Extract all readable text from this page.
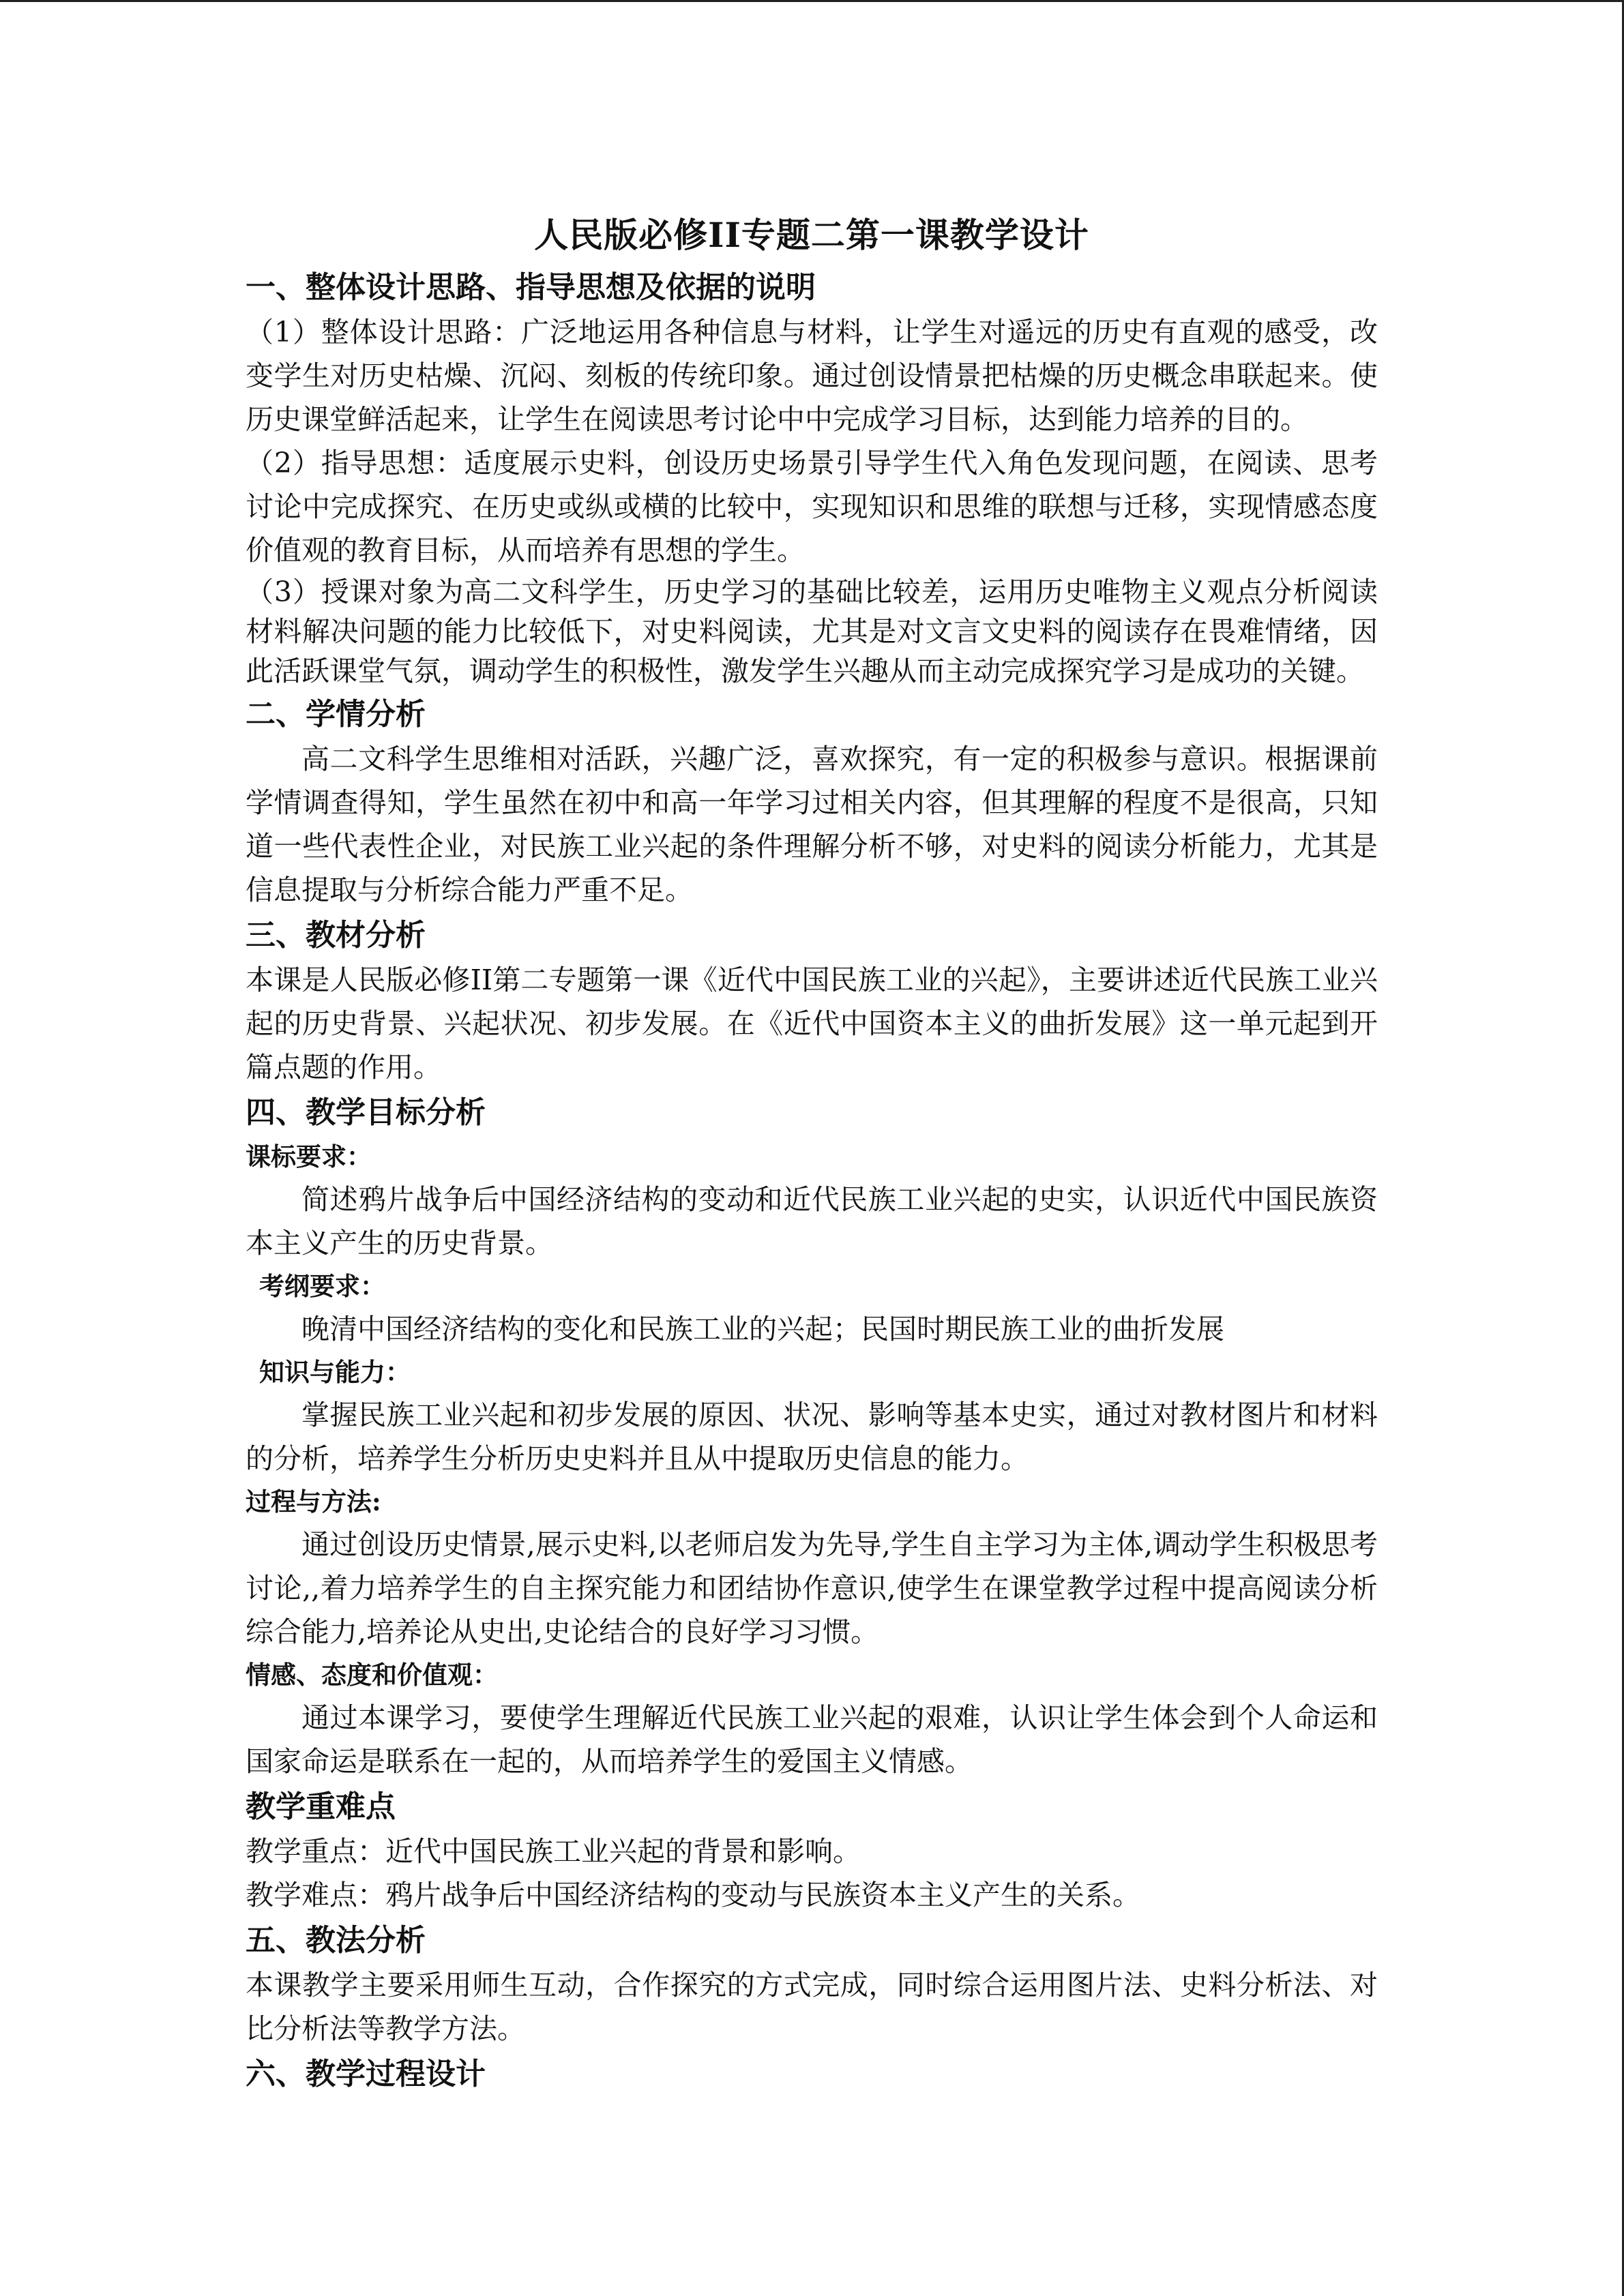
人民版必修II专题二第一课教学设计
一、整体设计思路、指导思想及依据的说明

（1）整体设计思路：广泛地运用各种信息与材料，让学生对遥远的历史有直观的感受，改变学生对历史枯燥、沉闷、刻板的传统印象。通过创设情景把枯燥的历史概念串联起来。使历史课堂鲜活起来，让学生在阅读思考讨论中中完成学习目标，达到能力培养的目的。

（2）指导思想：适度展示史料，创设历史场景引导学生代入角色发现问题，在阅读、思考讨论中完成探究、在历史或纵或横的比较中，实现知识和思维的联想与迁移，实现情感态度价值观的教育目标，从而培养有思想的学生。

（3）授课对象为高二文科学生，历史学习的基础比较差，运用历史唯物主义观点分析阅读材料解决问题的能力比较低下，对史料阅读，尤其是对文言文史料的阅读存在畏难情绪，因此活跃课堂气氛，调动学生的积极性，激发学生兴趣从而主动完成探究学习是成功的关键。

二、学情分析

高二文科学生思维相对活跃，兴趣广泛，喜欢探究，有一定的积极参与意识。根据课前学情调查得知，学生虽然在初中和高一年学习过相关内容，但其理解的程度不是很高，只知道一些代表性企业，对民族工业兴起的条件理解分析不够，对史料的阅读分析能力，尤其是信息提取与分析综合能力严重不足。

三、教材分析

本课是人民版必修II第二专题第一课《近代中国民族工业的兴起》，主要讲述近代民族工业兴起的历史背景、兴起状况、初步发展。在《近代中国资本主义的曲折发展》这一单元起到开篇点题的作用。

四、教学目标分析
课标要求：

简述鸦片战争后中国经济结构的变动和近代民族工业兴起的史实，认识近代中国民族资本主义产生的历史背景。

考纲要求：

晚清中国经济结构的变化和民族工业的兴起；民国时期民族工业的曲折发展

知识与能力：

掌握民族工业兴起和初步发展的原因、状况、影响等基本史实，通过对教材图片和材料的分析，培养学生分析历史史料并且从中提取历史信息的能力。

过程与方法:

通过创设历史情景,展示史料,以老师启发为先导,学生自主学习为主体,调动学生积极思考讨论,,着力培养学生的自主探究能力和团结协作意识,使学生在课堂教学过程中提高阅读分析综合能力,培养论从史出,史论结合的良好学习习惯。

情感、态度和价值观：

通过本课学习，要使学生理解近代民族工业兴起的艰难，认识让学生体会到个人命运和国家命运是联系在一起的，从而培养学生的爱国主义情感。

教学重难点

教学重点：近代中国民族工业兴起的背景和影响。

教学难点：鸦片战争后中国经济结构的变动与民族资本主义产生的关系。

五、教法分析

本课教学主要采用师生互动，合作探究的方式完成，同时综合运用图片法、史料分析法、对比分析法等教学方法。

六、教学过程设计
